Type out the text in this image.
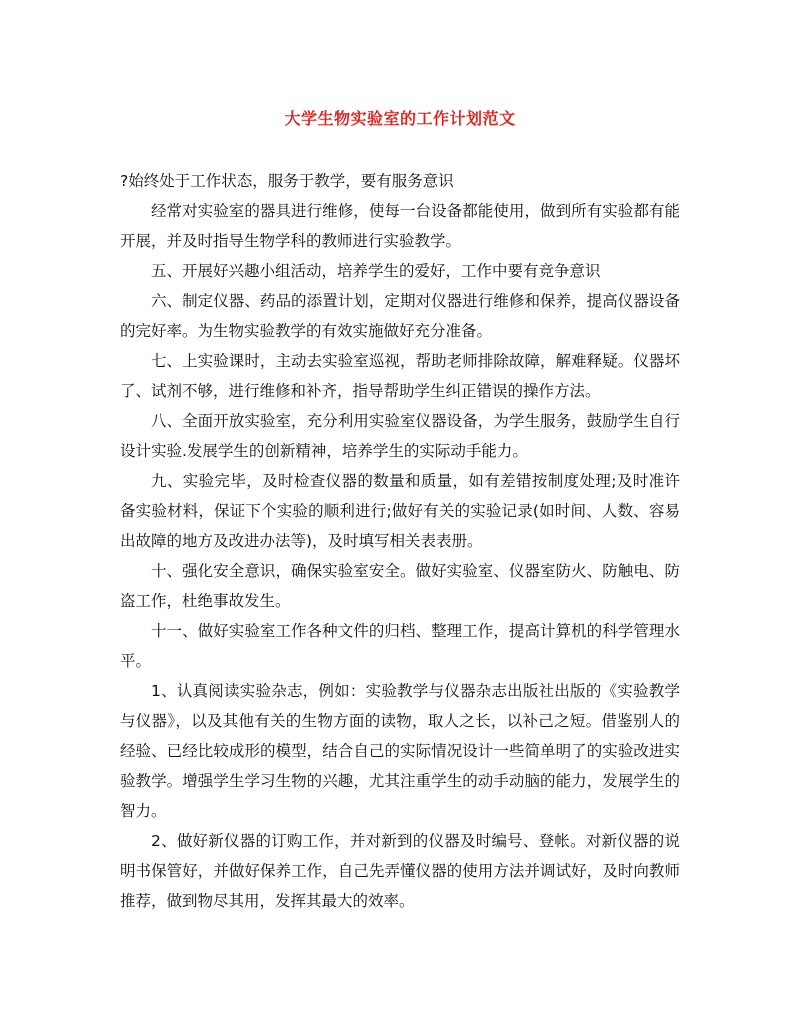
大学生物实验室的工作计划范文

?始终处于工作状态，服务于教学，要有服务意识

经常对实验室的器具进行维修，使每一台设备都能使用，做到所有实验都有能开展，并及时指导生物学科的教师进行实验教学。

五、开展好兴趣小组活动，培养学生的爱好，工作中要有竞争意识

六、制定仪器、药品的添置计划，定期对仪器进行维修和保养，提高仪器设备的完好率。为生物实验教学的有效实施做好充分准备。

七、上实验课时，主动去实验室巡视，帮助老师排除故障，解难释疑。仪器坏了、试剂不够，进行维修和补齐，指导帮助学生纠正错误的操作方法。

八、全面开放实验室，充分利用实验室仪器设备，为学生服务，鼓励学生自行设计实验.发展学生的创新精神，培养学生的实际动手能力。

九、实验完毕，及时检查仪器的数量和质量，如有差错按制度处理;及时准许备实验材料，保证下个实验的顺利进行;做好有关的实验记录(如时间、人数、容易出故障的地方及改进办法等)，及时填写相关表表册。

十、强化安全意识，确保实验室安全。做好实验室、仪器室防火、防触电、防盗工作，杜绝事故发生。

十一、做好实验室工作各种文件的归档、整理工作，提高计算机的科学管理水平。

1、认真阅读实验杂志，例如：实验教学与仪器杂志出版社出版的《实验教学与仪器》，以及其他有关的生物方面的读物，取人之长，以补己之短。借鉴别人的经验、已经比较成形的模型，结合自己的实际情况设计一些简单明了的实验改进实验教学。增强学生学习生物的兴趣，尤其注重学生的动手动脑的能力，发展学生的智力。

2、做好新仪器的订购工作，并对新到的仪器及时编号、登帐。对新仪器的说明书保管好，并做好保养工作，自己先弄懂仪器的使用方法并调试好，及时向教师推荐，做到物尽其用，发挥其最大的效率。
